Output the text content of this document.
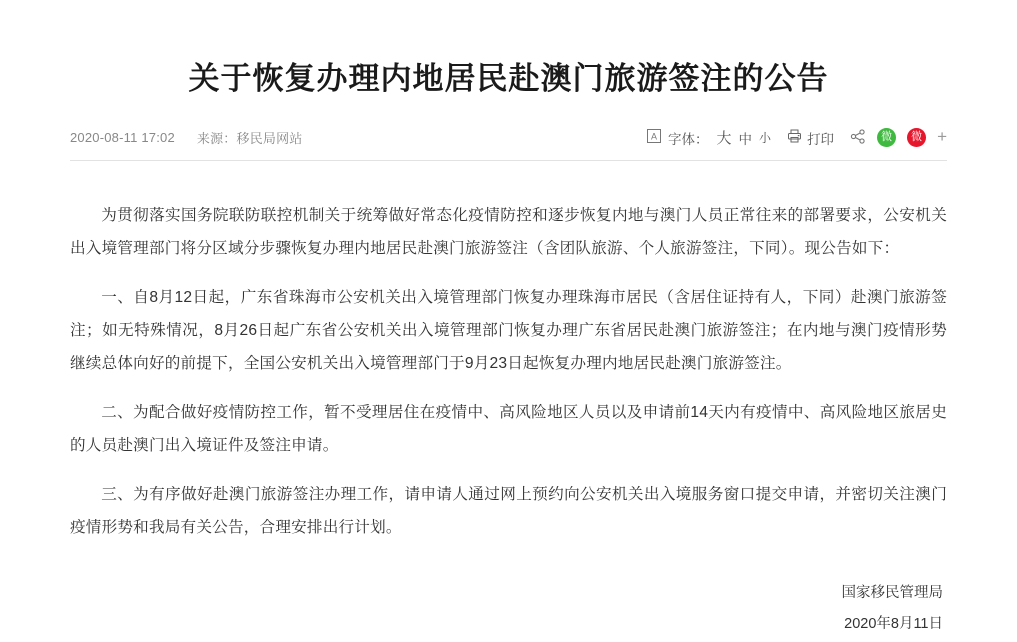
关于恢复办理内地居民赴澳门旅游签注的公告
2020-08-11 17:02 来源：移民局网站	A 字体： 大 中 小	打印	微	微 +

为贯彻落实国务院联防联控机制关于统筹做好常态化疫情防控和逐步恢复内地与澳门人员正常往来的部署要求，公安机关出入境管理部门将分区域分步骤恢复办理内地居民赴澳门旅游签注（含团队旅游、个人旅游签注，下同）。现公告如下：

一、自8月12日起，广东省珠海市公安机关出入境管理部门恢复办理珠海市居民（含居住证持有人，下同）赴澳门旅游签注；如无特殊情况，8月26日起广东省公安机关出入境管理部门恢复办理广东省居民赴澳门旅游签注；在内地与澳门疫情形势继续总体向好的前提下，全国公安机关出入境管理部门于9月23日起恢复办理内地居民赴澳门旅游签注。

二、为配合做好疫情防控工作，暂不受理居住在疫情中、高风险地区人员以及申请前14天内有疫情中、高风险地区旅居史的人员赴澳门出入境证件及签注申请。

三、为有序做好赴澳门旅游签注办理工作，请申请人通过网上预约向公安机关出入境服务窗口提交申请，并密切关注澳门疫情形势和我局有关公告，合理安排出行计划。

国家移民管理局
2020年8月11日
